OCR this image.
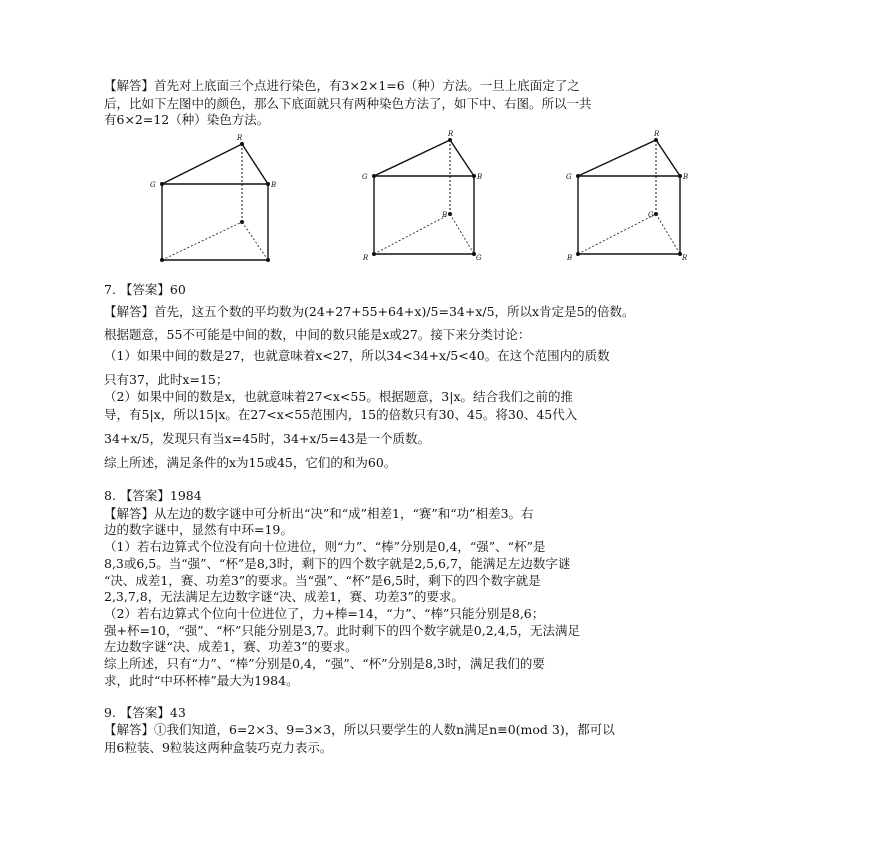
【解答】首先对上底面三个点进行染色，有3×2×1=6（种）方法。一旦上底面定了之
后，比如下左图中的颜色，那么下底面就只有两种染色方法了，如下中、右图。所以一共
有6×2=12（种）染色方法。
R
G	B
R
G	B
R	G
B
R
G	B
B	R
G
7. 【答案】60
【解答】首先，这五个数的平均数为(24+27+55+64+x)/5=34+x/5，所以x肯定是5的倍数。
根据题意，55不可能是中间的数，中间的数只能是x或27。接下来分类讨论：
（1）如果中间的数是27，也就意味着x<27，所以34<34+x/5<40。在这个范围内的质数
只有37，此时x=15；
（2）如果中间的数是x，也就意味着27<x<55。根据题意，3|x。结合我们之前的推
导，有5|x，所以15|x。在27<x<55范围内，15的倍数只有30、45。将30、45代入
34+x/5，发现只有当x=45时，34+x/5=43是一个质数。
综上所述，满足条件的x为15或45，它们的和为60。
8. 【答案】1984
【解答】从左边的数字谜中可分析出“决”和“成”相差1，“赛”和“功”相差3。右
边的数字谜中，显然有中环=19。
（1）若右边算式个位没有向十位进位，则“力”、“棒”分别是0,4，“强”、“杯”是
8,3或6,5。当“强”、“杯”是8,3时，剩下的四个数字就是2,5,6,7，能满足左边数字谜
“决、成差1，赛、功差3”的要求。当“强”、“杯”是6,5时，剩下的四个数字就是
2,3,7,8，无法满足左边数字谜“决、成差1，赛、功差3”的要求。
（2）若右边算式个位向十位进位了，力+棒=14，“力”、“棒”只能分别是8,6；
强+杯=10，“强”、“杯”只能分别是3,7。此时剩下的四个数字就是0,2,4,5，无法满足
左边数字谜“决、成差1，赛、功差3”的要求。
综上所述，只有“力”、“棒”分别是0,4，“强”、“杯”分别是8,3时，满足我们的要
求，此时“中环杯棒”最大为1984。
9. 【答案】43
【解答】①我们知道，6=2×3、9=3×3，所以只要学生的人数n满足n≡0(mod 3)，都可以
用6粒装、9粒装这两种盒装巧克力表示。
